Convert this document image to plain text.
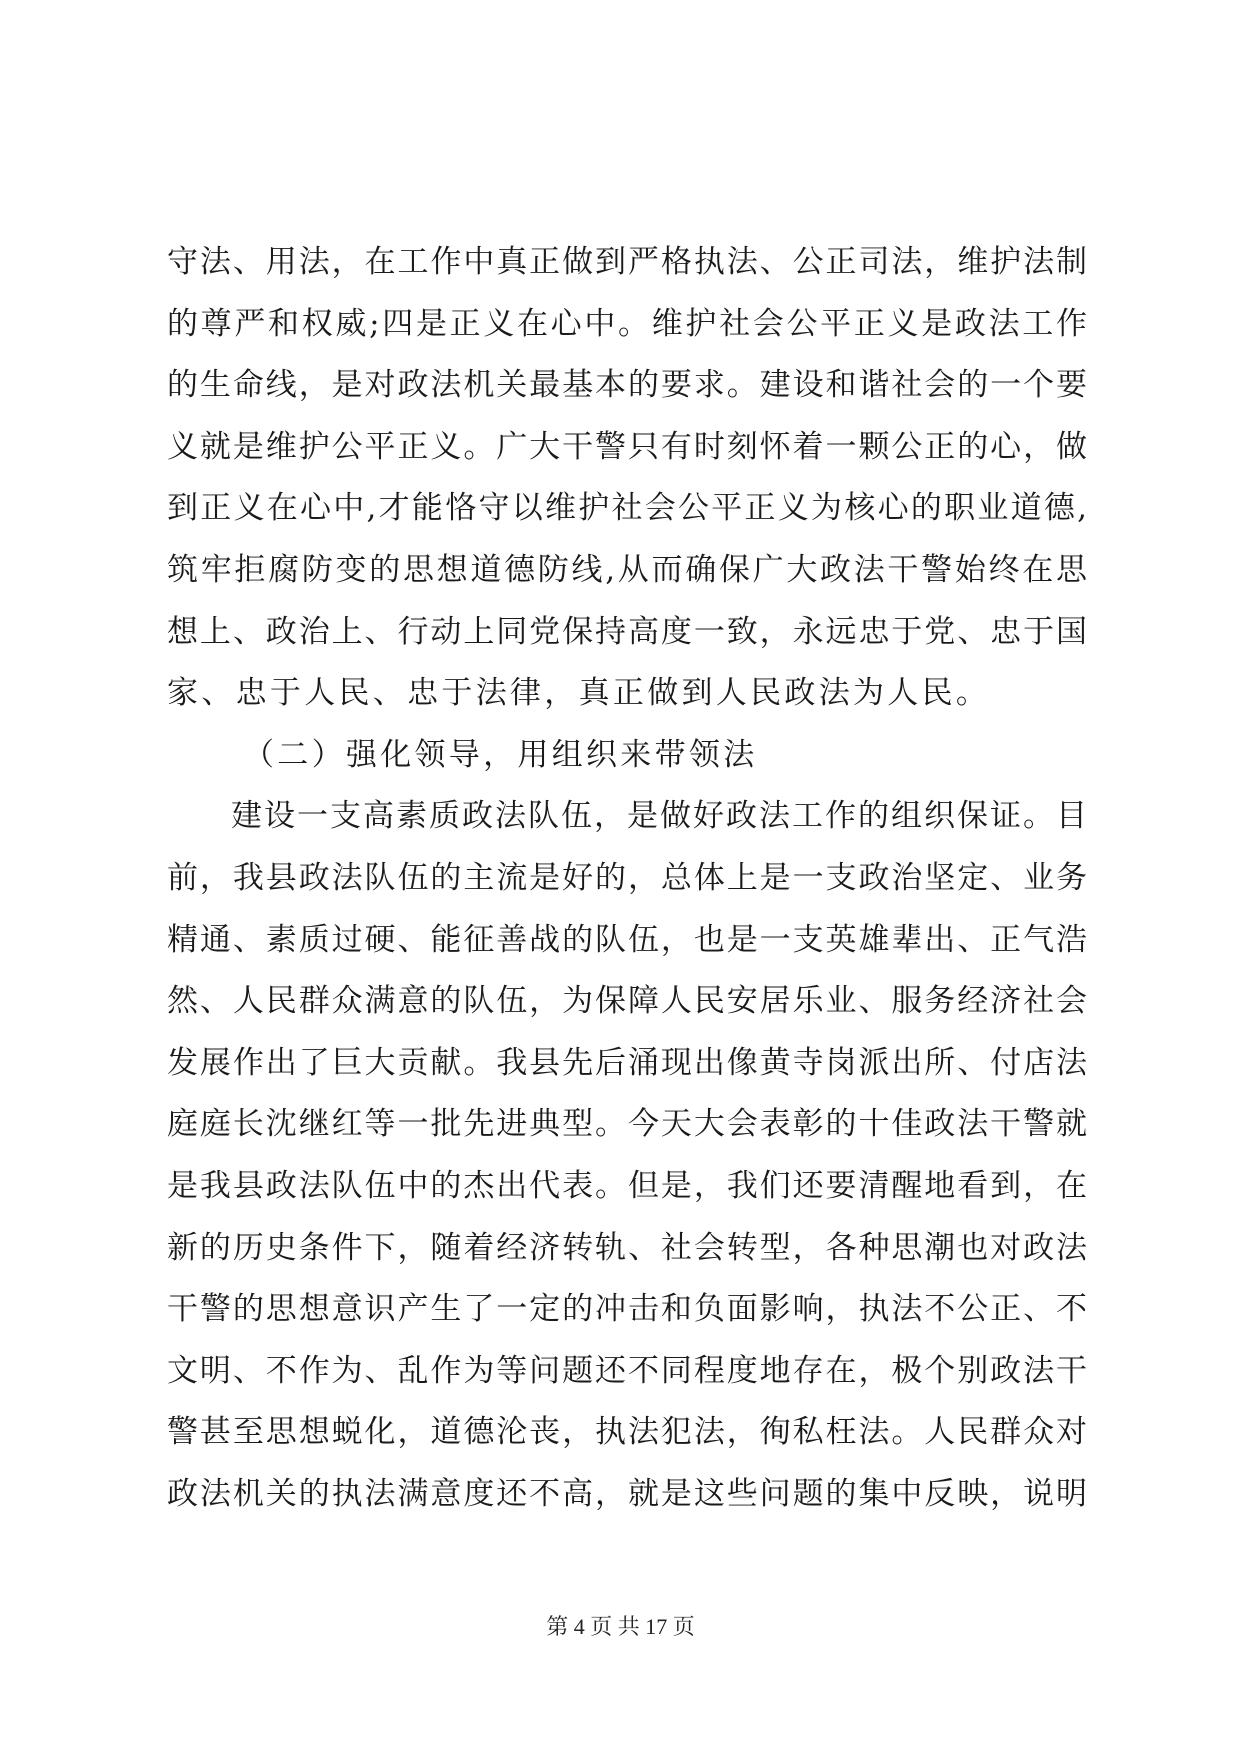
守法、用法，在工作中真正做到严格执法、公正司法，维护法制
的尊严和权威;四是正义在心中。维护社会公平正义是政法工作
的生命线，是对政法机关最基本的要求。建设和谐社会的一个要
义就是维护公平正义。广大干警只有时刻怀着一颗公正的心，做
到正义在心中,才能恪守以维护社会公平正义为核心的职业道德,
筑牢拒腐防变的思想道德防线,从而确保广大政法干警始终在思
想上、政治上、行动上同党保持高度一致，永远忠于党、忠于国
家、忠于人民、忠于法律，真正做到人民政法为人民。
（二）强化领导，用组织来带领法
建设一支高素质政法队伍，是做好政法工作的组织保证。目
前，我县政法队伍的主流是好的，总体上是一支政治坚定、业务
精通、素质过硬、能征善战的队伍，也是一支英雄辈出、正气浩
然、人民群众满意的队伍，为保障人民安居乐业、服务经济社会
发展作出了巨大贡献。我县先后涌现出像黄寺岗派出所、付店法
庭庭长沈继红等一批先进典型。今天大会表彰的十佳政法干警就
是我县政法队伍中的杰出代表。但是，我们还要清醒地看到，在
新的历史条件下，随着经济转轨、社会转型，各种思潮也对政法
干警的思想意识产生了一定的冲击和负面影响，执法不公正、不
文明、不作为、乱作为等问题还不同程度地存在，极个别政法干
警甚至思想蜕化，道德沦丧，执法犯法，徇私枉法。人民群众对
政法机关的执法满意度还不高，就是这些问题的集中反映，说明
第 4 页 共 17 页
